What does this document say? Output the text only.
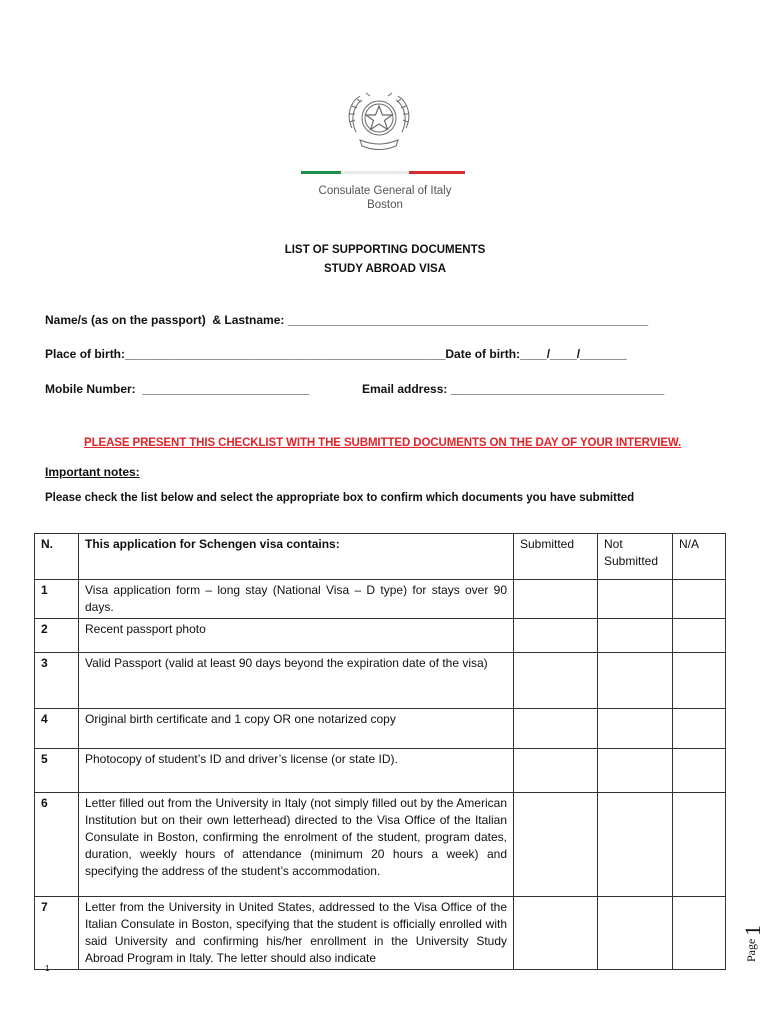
Consulate General of Italy
Boston
LIST OF SUPPORTING DOCUMENTS
STUDY ABROAD VISA
Name/s (as on the passport)  & Lastname: ______________________________________________________
Place of birth:________________________________________________Date of birth:____/____/_______
Mobile Number:  _________________________	Email address: ________________________________
PLEASE PRESENT THIS CHECKLIST WITH THE SUBMITTED DOCUMENTS ON THE DAY OF YOUR INTERVIEW.
Important notes:
Please check the list below and select the appropriate box to confirm which documents you have submitted
N.	This application for Schengen visa contains:	Submitted	Not Submitted	N/A
1	Visa application form – long stay (National Visa – D type) for stays over 90 days.			
2	Recent passport photo			
3	Valid Passport (valid at least 90 days beyond the expiration date of the visa)			
4	Original birth certificate and 1 copy OR one notarized copy			
5	Photocopy of student’s ID and driver’s license (or state ID).			
6	Letter filled out from the University in Italy (not simply filled out by the American Institution but on their own letterhead) directed to the Visa Office of the Italian Consulate in Boston, confirming the enrolment of the student, program dates, duration, weekly hours of attendance (minimum 20 hours a week) and specifying the address of the student’s accommodation.			
7	Letter from the University in United States, addressed to the Visa Office of the Italian Consulate in Boston, specifying that the student is officially enrolled with said University and confirming his/her enrollment in the University Study Abroad Program in Italy. The letter should also indicate				Page
1
1
